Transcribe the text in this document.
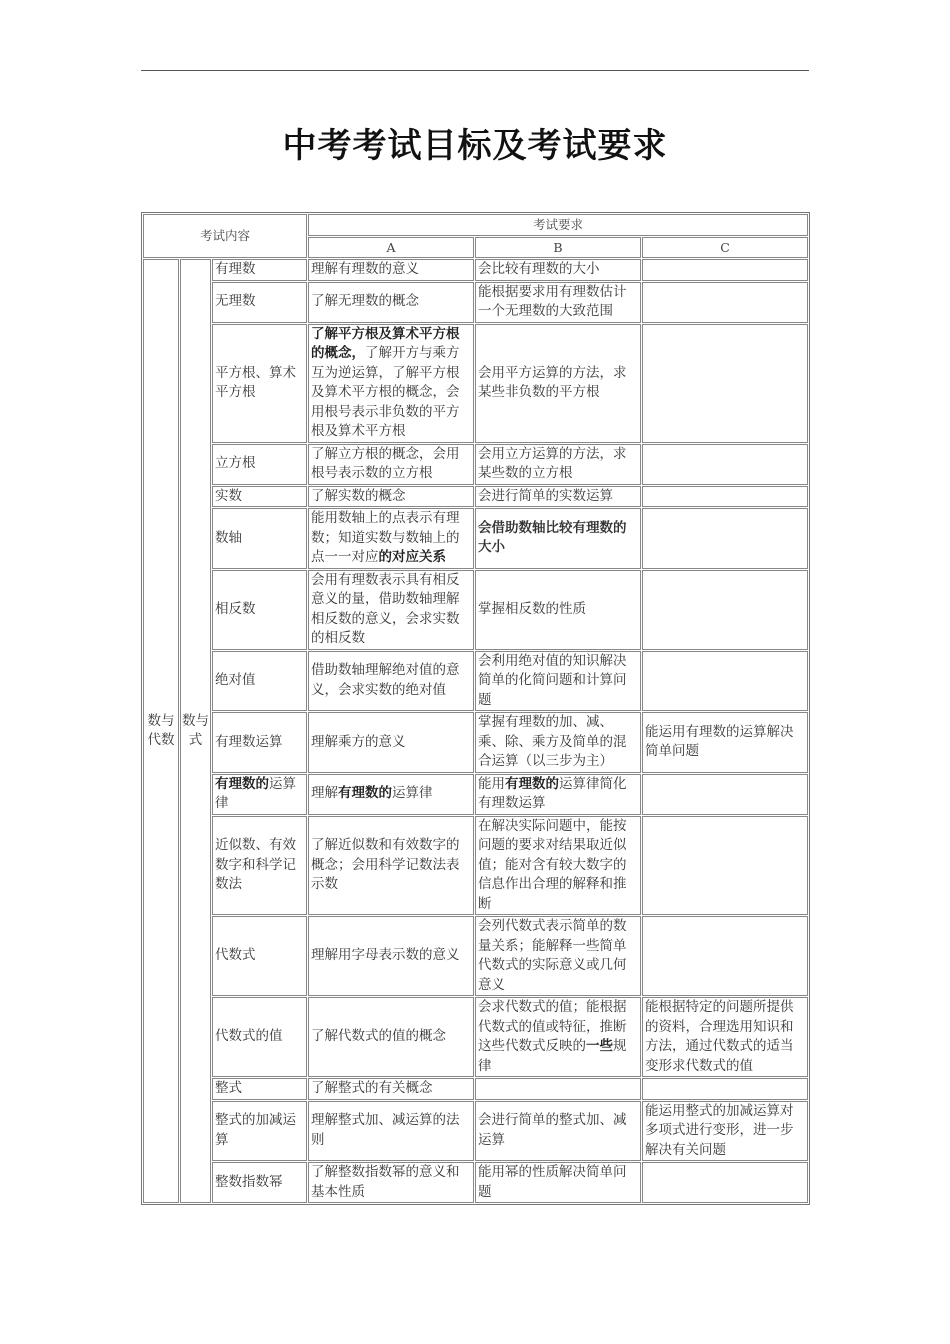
中考考试目标及考试要求
考试内容			考试要求		
			A	B	C
数与代数	数与式	有理数	理解有理数的意义	会比较有理数的大小	
		无理数	了解无理数的概念	能根据要求用有理数估计一个无理数的大致范围	
		平方根、算术平方根	了解平方根及算术平方根的概念，了解开方与乘方互为逆运算，了解平方根及算术平方根的概念，会用根号表示非负数的平方根及算术平方根	会用平方运算的方法，求某些非负数的平方根	
		立方根	了解立方根的概念，会用根号表示数的立方根	会用立方运算的方法，求某些数的立方根	
		实数	了解实数的概念	会进行简单的实数运算	
		数轴	能用数轴上的点表示有理数；知道实数与数轴上的点一一对应的对应关系	会借助数轴比较有理数的大小	
		相反数	会用有理数表示具有相反意义的量，借助数轴理解相反数的意义，会求实数的相反数	掌握相反数的性质	
		绝对值	借助数轴理解绝对值的意义，会求实数的绝对值	会利用绝对值的知识解决简单的化简问题和计算问题	
		有理数运算	理解乘方的意义	掌握有理数的加、减、乘、除、乘方及简单的混合运算（以三步为主）	能运用有理数的运算解决简单问题
		有理数的运算律	理解有理数的运算律	能用有理数的运算律简化有理数运算	
		近似数、有效数字和科学记数法	了解近似数和有效数字的概念；会用科学记数法表示数	在解决实际问题中，能按问题的要求对结果取近似值；能对含有较大数字的信息作出合理的解释和推断	
		代数式	理解用字母表示数的意义	会列代数式表示简单的数量关系；能解释一些简单代数式的实际意义或几何意义	
		代数式的值	了解代数式的值的概念	会求代数式的值；能根据代数式的值或特征，推断这些代数式反映的一些规律	能根据特定的问题所提供的资料，合理选用知识和方法，通过代数式的适当变形求代数式的值
		整式	了解整式的有关概念		
		整式的加减运算	理解整式加、减运算的法则	会进行简单的整式加、减运算	能运用整式的加减运算对多项式进行变形，进一步解决有关问题
		整数指数幂	了解整数指数幂的意义和基本性质	能用幂的性质解决简单问题	
